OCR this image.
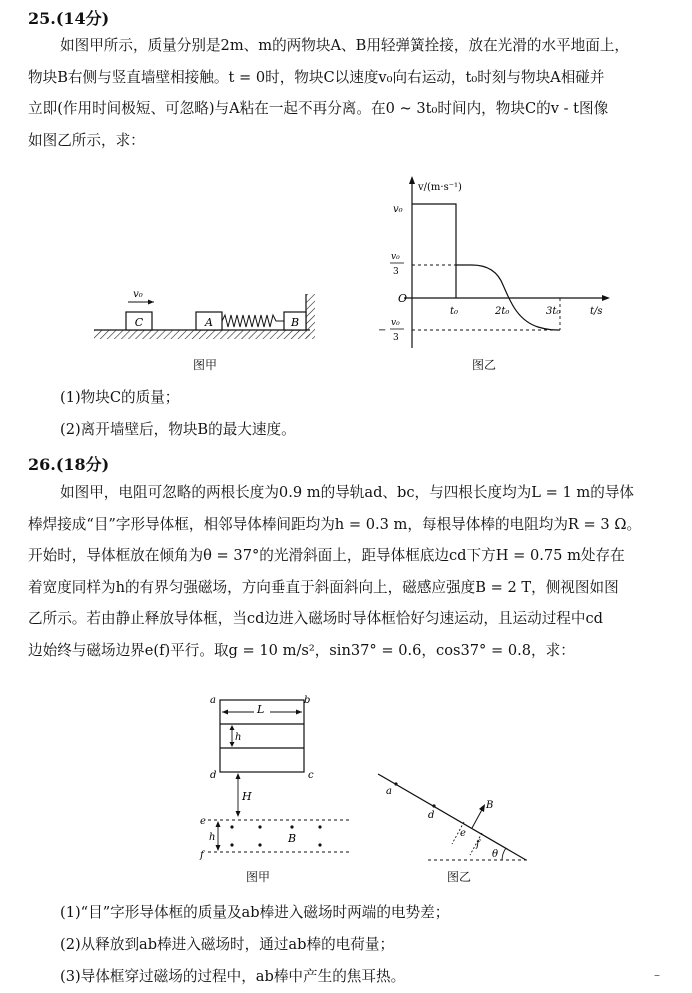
25.(14分)
如图甲所示，质量分别是2m、m的两物块A、B用轻弹簧拴接，放在光滑的水平地面上，
物块B右侧与竖直墙壁相接触。t = 0时，物块C以速度v₀向右运动，t₀时刻与物块A相碰并
立即(作用时间极短、可忽略)与A粘在一起不再分离。在0 ~ 3t₀时间内，物块C的v - t图像
如图乙所示，求：
C
v₀
A	B
图甲
v/(m·s⁻¹)
t/s
O
v₀
v₀
3
−
v₀
3
t₀	2t₀	3t₀
图乙
(1)物块C的质量；
(2)离开墙壁后，物块B的最大速度。
26.(18分)
如图甲，电阻可忽略的两根长度为0.9 m的导轨ad、bc，与四根长度均为L = 1 m的导体
棒焊接成“目”字形导体框，相邻导体棒间距均为h = 0.3 m，每根导体棒的电阻均为R = 3 Ω。
开始时，导体框放在倾角为θ = 37°的光滑斜面上，距导体框底边cd下方H = 0.75 m处存在
着宽度同样为h的有界匀强磁场，方向垂直于斜面斜向上，磁感应强度B = 2 T，侧视图如图
乙所示。若由静止释放导体框，当cd边进入磁场时导体框恰好匀速运动，且运动过程中cd
边始终与磁场边界e(f)平行。取g = 10 m/s²，sin37° = 0.6，cos37° = 0.8，求：
a	b
L
h
d	c
H
e
f
h	B
图甲
a
d
e
f
B
θ
图乙
(1)“目”字形导体框的质量及ab棒进入磁场时两端的电势差；
(2)从释放到ab棒进入磁场时，通过ab棒的电荷量；
(3)导体框穿过磁场的过程中，ab棒中产生的焦耳热。	–
